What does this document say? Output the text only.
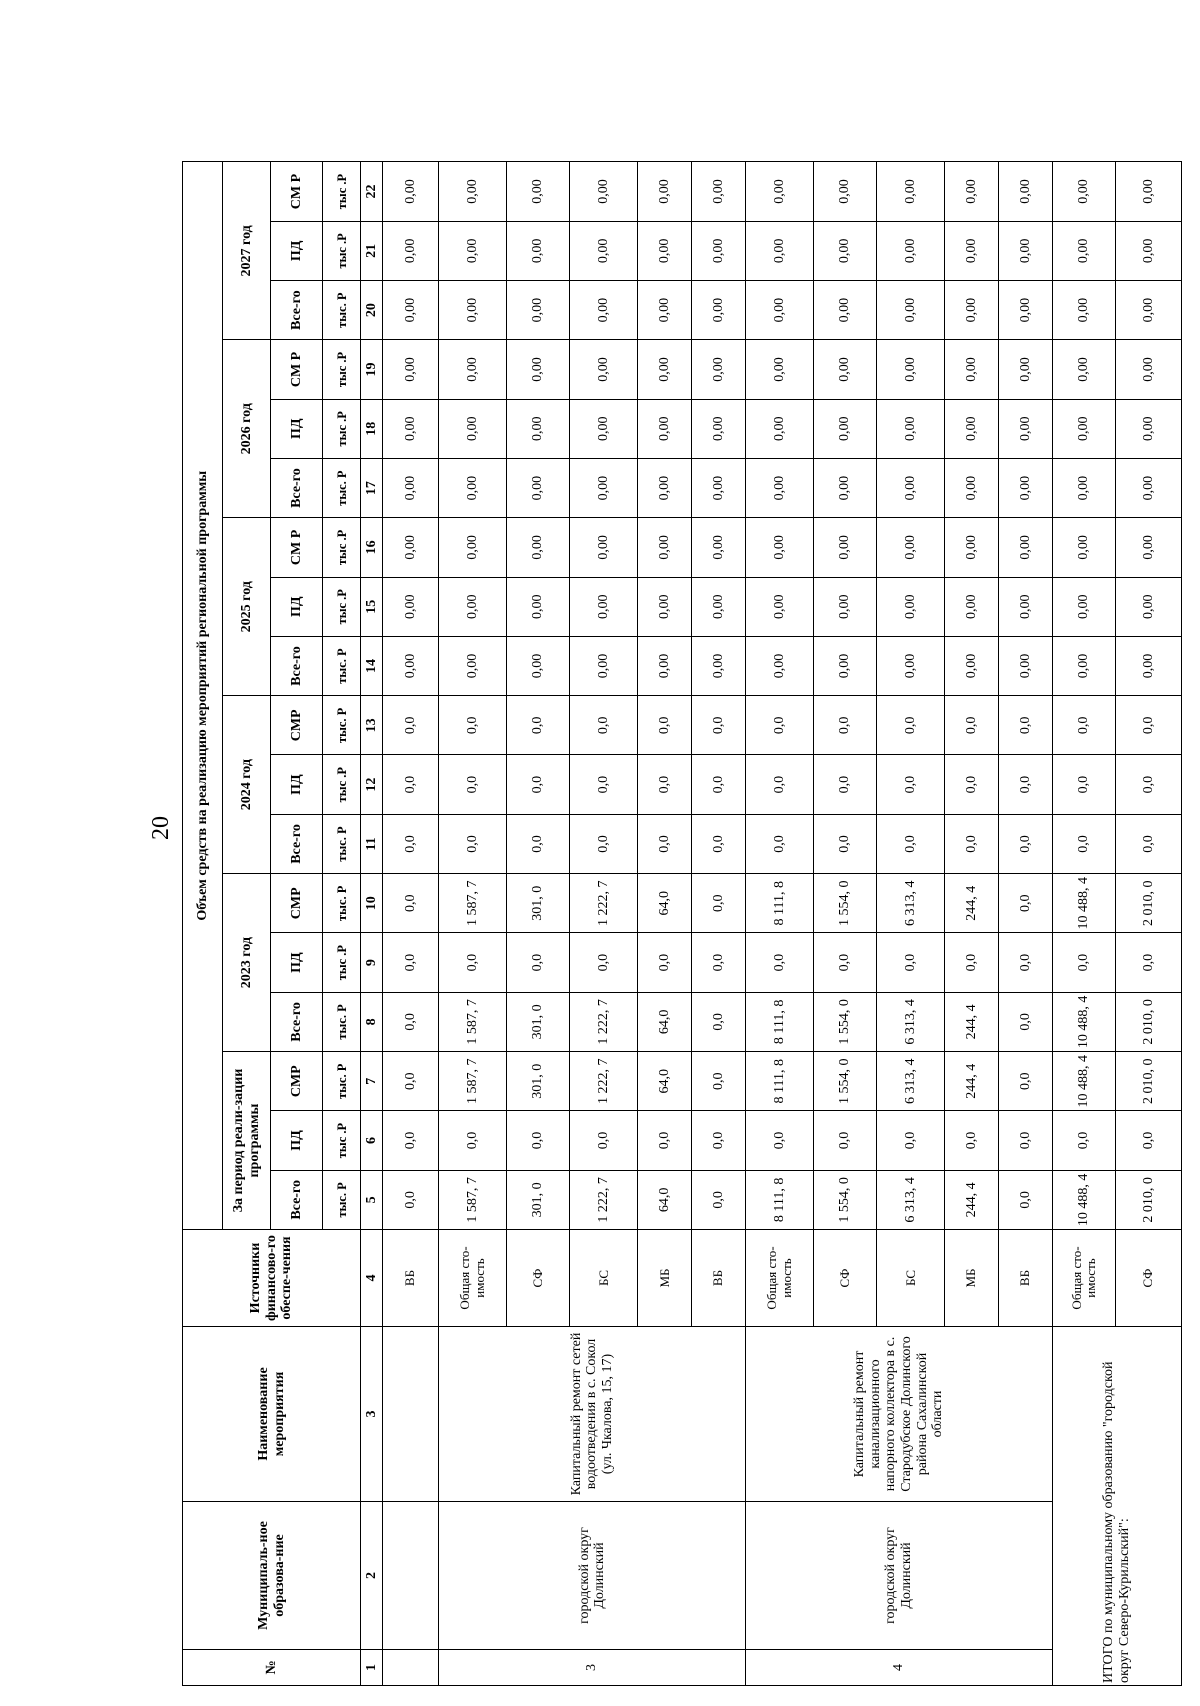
20
№	Муниципаль-ное образова-ние	Наименование мероприятия	Источники финансово-го обеспе-чения	Объем средств на реализацию мероприятий региональной программы																	
				За период реали-зации программы			2023 год			2024 год			2025 год			2026 год			2027 год		
				Все-го	ПД	СМР	Все-го	ПД	СМР	Все-го	ПД	СМР	Все-го	ПД	СМ Р	Все-го	ПД	СМ Р	Все-го	ПД	СМ Р
				тыс. Р	тыс .Р	тыс. Р	тыс. Р	тыс .Р	тыс. Р	тыс. Р	тыс .Р	тыс. Р	тыс. Р	тыс .Р	тыс .Р	тыс. Р	тыс .Р	тыс .Р	тыс. Р	тыс .Р	тыс .Р
1	2	3	4	5	6	7	8	9	10	11	12	13	14	15	16	17	18	19	20	21	22
			ВБ	0,0	0,0	0,0	0,0	0,0	0,0	0,0	0,0	0,0	0,00	0,00	0,00	0,00	0,00	0,00	0,00	0,00	0,00
3	городской округ Долинский	Капитальный ремонт сетей водоотведения в с. Сокол (ул. Чкалова, 15, 17)	Общая сто-имость	1 587, 7	0,0	1 587, 7	1 587, 7	0,0	1 587, 7	0,0	0,0	0,0	0,00	0,00	0,00	0,00	0,00	0,00	0,00	0,00	0,00
			СФ	301, 0	0,0	301, 0	301, 0	0,0	301, 0	0,0	0,0	0,0	0,00	0,00	0,00	0,00	0,00	0,00	0,00	0,00	0,00
			БС	1 222, 7	0,0	1 222, 7	1 222, 7	0,0	1 222, 7	0,0	0,0	0,0	0,00	0,00	0,00	0,00	0,00	0,00	0,00	0,00	0,00
			МБ	64,0	0,0	64,0	64,0	0,0	64,0	0,0	0,0	0,0	0,00	0,00	0,00	0,00	0,00	0,00	0,00	0,00	0,00
			ВБ	0,0	0,0	0,0	0,0	0,0	0,0	0,0	0,0	0,0	0,00	0,00	0,00	0,00	0,00	0,00	0,00	0,00	0,00
4	городской округ Долинский	Капитальный ремонт канализационного напорного коллектора в с. Стародубское Долинского района Сахалинской области	Общая сто-имость	8 111, 8	0,0	8 111, 8	8 111, 8	0,0	8 111, 8	0,0	0,0	0,0	0,00	0,00	0,00	0,00	0,00	0,00	0,00	0,00	0,00
			СФ	1 554, 0	0,0	1 554, 0	1 554, 0	0,0	1 554, 0	0,0	0,0	0,0	0,00	0,00	0,00	0,00	0,00	0,00	0,00	0,00	0,00
			БС	6 313, 4	0,0	6 313, 4	6 313, 4	0,0	6 313, 4	0,0	0,0	0,0	0,00	0,00	0,00	0,00	0,00	0,00	0,00	0,00	0,00
			МБ	244, 4	0,0	244, 4	244, 4	0,0	244, 4	0,0	0,0	0,0	0,00	0,00	0,00	0,00	0,00	0,00	0,00	0,00	0,00
			ВБ	0,0	0,0	0,0	0,0	0,0	0,0	0,0	0,0	0,0	0,00	0,00	0,00	0,00	0,00	0,00	0,00	0,00	0,00
ИТОГО по муниципальному образованию "городской округ Северо-Курильский":			Общая сто-имость	10 488, 4	0,0	10 488, 4	10 488, 4	0,0	10 488, 4	0,0	0,0	0,0	0,00	0,00	0,00	0,00	0,00	0,00	0,00	0,00	0,00
			СФ	2 010, 0	0,0	2 010, 0	2 010, 0	0,0	2 010, 0	0,0	0,0	0,0	0,00	0,00	0,00	0,00	0,00	0,00	0,00	0,00	0,00
